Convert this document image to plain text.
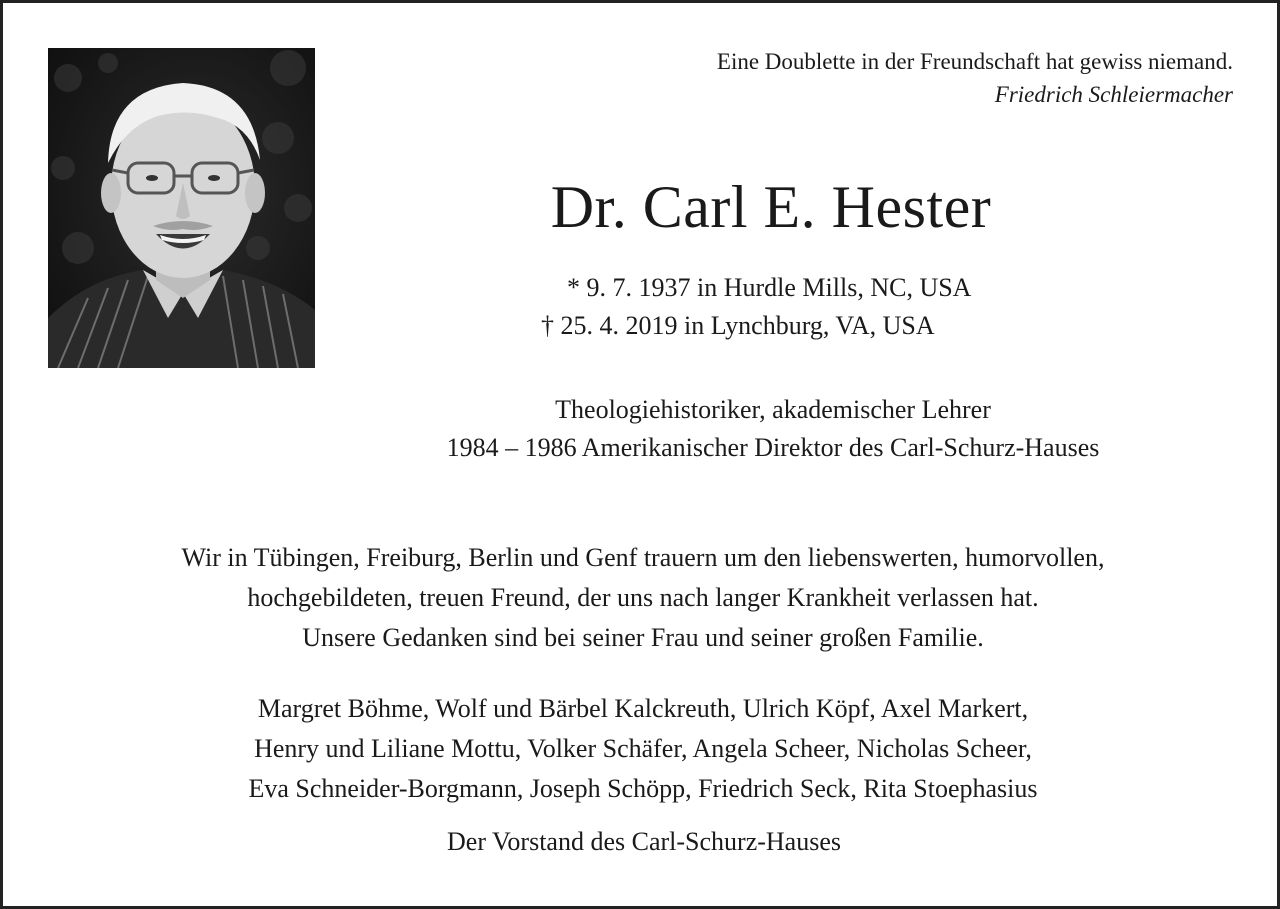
Eine Doublette in der Freundschaft hat gewiss niemand.
Friedrich Schleiermacher
Dr. Carl E. Hester
* 9. 7. 1937 in Hurdle Mills, NC, USA
† 25. 4. 2019 in Lynchburg, VA, USA
Theologiehistoriker, akademischer Lehrer
1984 – 1986 Amerikanischer Direktor des Carl-Schurz-Hauses
Wir in Tübingen, Freiburg, Berlin und Genf trauern um den liebenswerten, humorvollen,
hochgebildeten, treuen Freund, der uns nach langer Krankheit verlassen hat.
Unsere Gedanken sind bei seiner Frau und seiner großen Familie.
Margret Böhme, Wolf und Bärbel Kalckreuth, Ulrich Köpf, Axel Markert,
Henry und Liliane Mottu, Volker Schäfer, Angela Scheer, Nicholas Scheer,
Eva Schneider-Borgmann, Joseph Schöpp, Friedrich Seck, Rita Stoephasius
Der Vorstand des Carl-Schurz-Hauses
